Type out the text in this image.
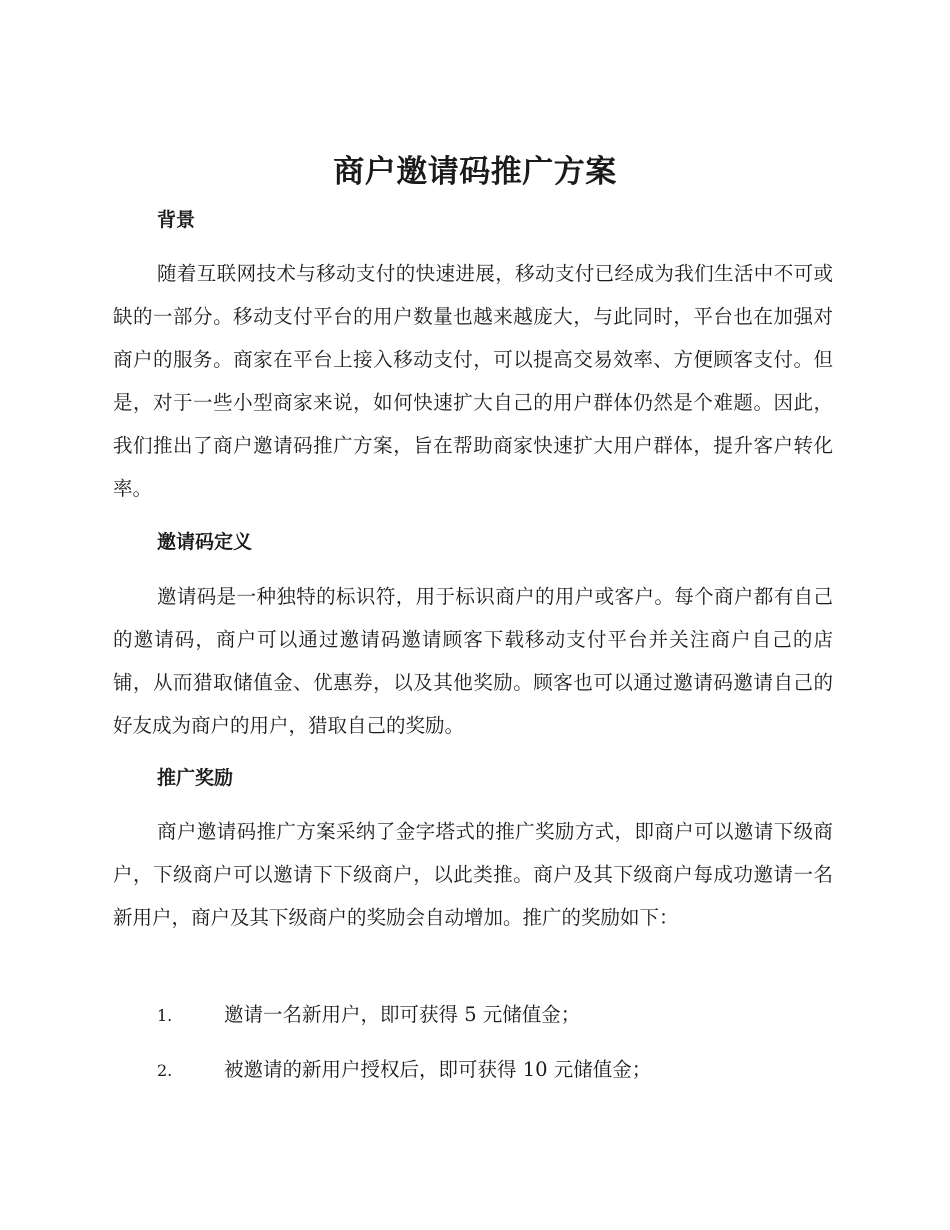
商户邀请码推广方案
背景
随着互联网技术与移动支付的快速进展，移动支付已经成为我们生活中不可或缺的一部分。移动支付平台的用户数量也越来越庞大，与此同时，平台也在加强对商户的服务。商家在平台上接入移动支付，可以提高交易效率、方便顾客支付。但是，对于一些小型商家来说，如何快速扩大自己的用户群体仍然是个难题。因此，我们推出了商户邀请码推广方案，旨在帮助商家快速扩大用户群体，提升客户转化率。
邀请码定义
邀请码是一种独特的标识符，用于标识商户的用户或客户。每个商户都有自己的邀请码，商户可以通过邀请码邀请顾客下载移动支付平台并关注商户自己的店铺，从而猎取储值金、优惠券，以及其他奖励。顾客也可以通过邀请码邀请自己的好友成为商户的用户，猎取自己的奖励。
推广奖励
商户邀请码推广方案采纳了金字塔式的推广奖励方式，即商户可以邀请下级商户，下级商户可以邀请下下级商户，以此类推。商户及其下级商户每成功邀请一名新用户，商户及其下级商户的奖励会自动增加。推广的奖励如下：
1.	邀请一名新用户，即可获得 5 元储值金；
2.	被邀请的新用户授权后，即可获得 10 元储值金；
